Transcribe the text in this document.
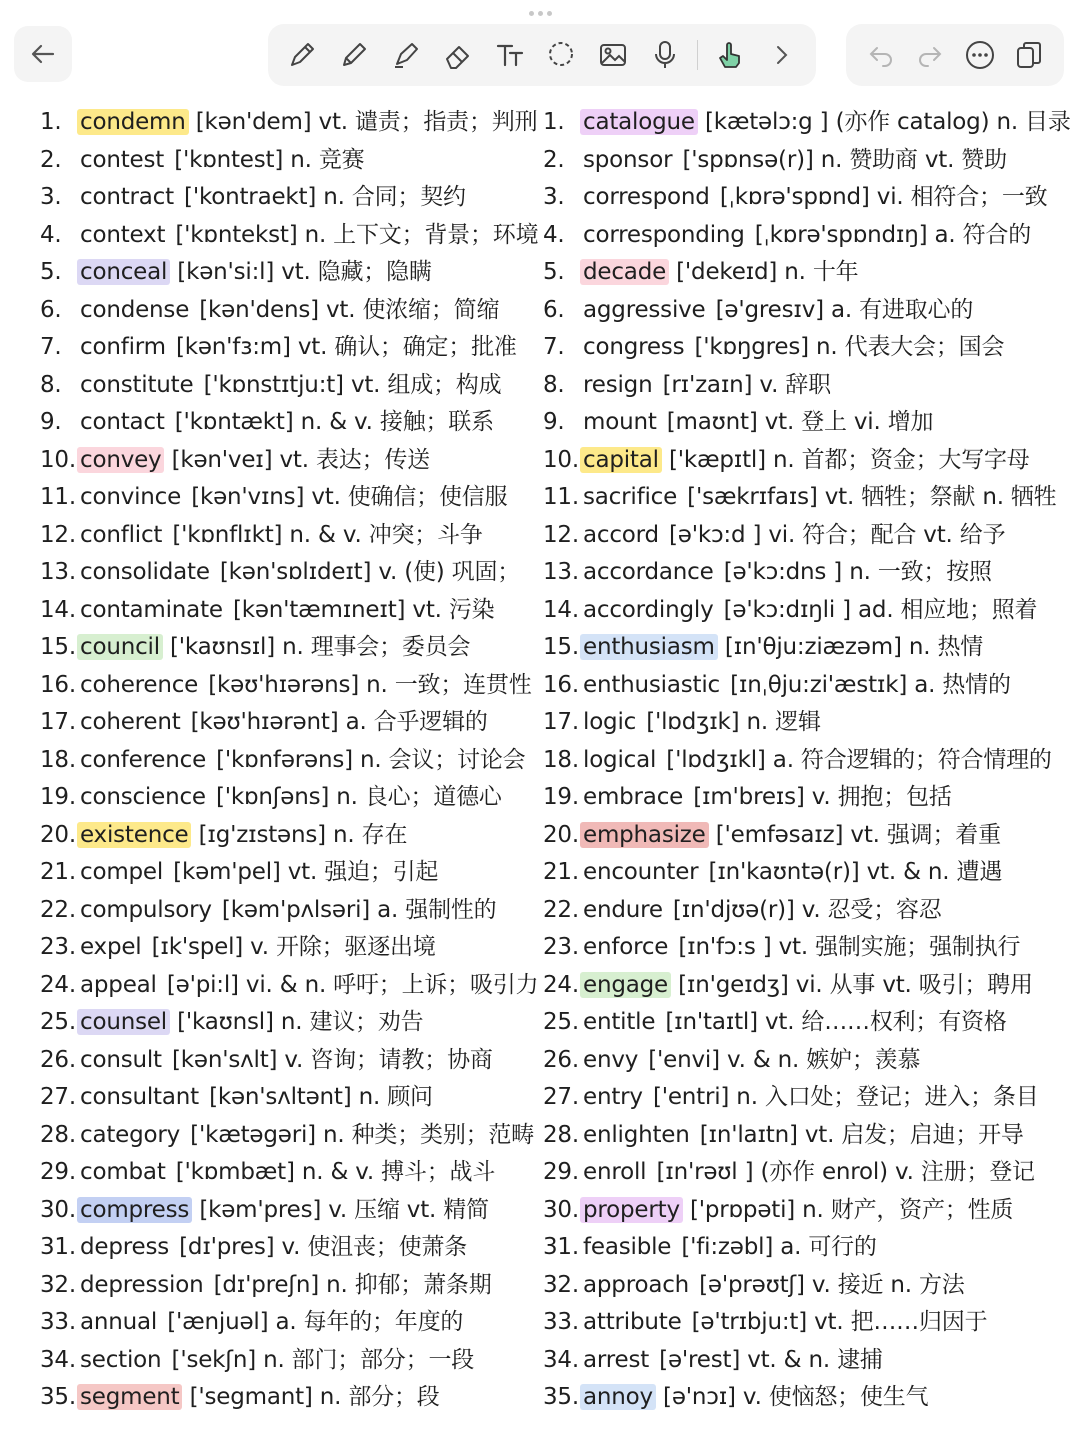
1. condemn [kən'dem] vt. 谴责；指责；判刑
2. contest ['kɒntest] n. 竞赛
3. contract ['kontraekt] n. 合同；契约
4. context ['kɒntekst] n. 上下文；背景；环境
5. conceal [kən'si:l] vt. 隐藏；隐瞒
6. condense [kən'dens] vt. 使浓缩；简缩
7. confirm [kən'fɜ:m] vt. 确认；确定；批准
8. constitute ['kɒnstɪtju:t] vt. 组成；构成
9. contact ['kɒntækt] n. & v. 接触；联系
10. convey [kən'veɪ] vt. 表达；传送
11. convince [kən'vɪns] vt. 使确信；使信服
12. conflict ['kɒnflɪkt] n. & v. 冲突；斗争
13. consolidate [kən'sɒlɪdeɪt] v. (使) 巩固；
14. contaminate [kən'tæmɪneɪt] vt. 污染
15. council ['kaʊnsɪl] n. 理事会；委员会
16. coherence [kəʊ'hɪərəns] n. 一致；连贯性
17. coherent [kəʊ'hɪərənt] a. 合乎逻辑的
18. conference ['kɒnfərəns] n. 会议；讨论会
19. conscience ['kɒnʃəns] n. 良心；道德心
20. existence [ɪg'zɪstəns] n. 存在
21. compel [kəm'pel] vt. 强迫；引起
22. compulsory [kəm'pʌlsəri] a. 强制性的
23. expel [ɪk'spel] v. 开除；驱逐出境
24. appeal [ə'pi:l] vi. & n. 呼吁；上诉；吸引力
25. counsel ['kaʊnsl] n. 建议；劝告
26. consult [kən'sʌlt] v. 咨询；请教；协商
27. consultant [kən'sʌltənt] n. 顾问
28. category ['kætəgəri] n. 种类；类别；范畴
29. combat ['kɒmbæt] n. & v. 搏斗；战斗
30. compress [kəm'pres] v. 压缩 vt. 精简
31. depress [dɪ'pres] v. 使沮丧；使萧条
32. depression [dɪ'preʃn] n. 抑郁；萧条期
33. annual ['ænjuəl] a. 每年的；年度的
34. section ['sekʃn] n. 部门；部分；一段
35. segment ['segmant] n. 部分；段
1. catalogue [kætəlɔ:g ] (亦作 catalog) n. 目录
2. sponsor ['spɒnsə(r)] n. 赞助商 vt. 赞助
3. correspond [ˌkɒrə'spɒnd] vi. 相符合；一致
4. corresponding [ˌkɒrə'spɒndɪŋ] a. 符合的
5. decade ['dekeɪd] n. 十年
6. aggressive [ə'gresɪv] a. 有进取心的
7. congress ['kɒŋgres] n. 代表大会；国会
8. resign [rɪ'zaɪn] v. 辞职
9. mount [maʊnt] vt. 登上 vi. 增加
10. capital ['kæpɪtl] n. 首都；资金；大写字母
11. sacrifice ['sækrɪfaɪs] vt. 牺牲；祭献 n. 牺牲
12. accord [ə'kɔ:d ] vi. 符合；配合 vt. 给予
13. accordance [ə'kɔ:dns ] n. 一致；按照
14. accordingly [ə'kɔ:dɪŋli ] ad. 相应地；照着
15. enthusiasm [ɪn'θju:ziæzəm] n. 热情
16. enthusiastic [ɪnˌθju:zi'æstɪk] a. 热情的
17. logic ['lɒdʒɪk] n. 逻辑
18. logical ['lɒdʒɪkl] a. 符合逻辑的；符合情理的
19. embrace [ɪm'breɪs] v. 拥抱；包括
20. emphasize ['emfəsaɪz] vt. 强调；着重
21. encounter [ɪn'kaʊntə(r)] vt. & n. 遭遇
22. endure [ɪn'djʊə(r)] v. 忍受；容忍
23. enforce [ɪn'fɔ:s ] vt. 强制实施；强制执行
24. engage [ɪn'geɪdʒ] vi. 从事 vt. 吸引；聘用
25. entitle [ɪn'taɪtl] vt. 给……权利；有资格
26. envy ['envi] v. & n. 嫉妒；羡慕
27. entry ['entri] n. 入口处；登记；进入；条目
28. enlighten [ɪn'laɪtn] vt. 启发；启迪；开导
29. enroll [ɪn'rəʊl ] (亦作 enrol) v. 注册；登记
30. property ['prɒpəti] n. 财产，资产；性质
31. feasible ['fi:zəbl] a. 可行的
32. approach [ə'prəʊtʃ] v. 接近 n. 方法
33. attribute [ə'trɪbju:t] vt. 把……归因于
34. arrest [ə'rest] vt. & n. 逮捕
35. annoy [ə'nɔɪ] v. 使恼怒；使生气
